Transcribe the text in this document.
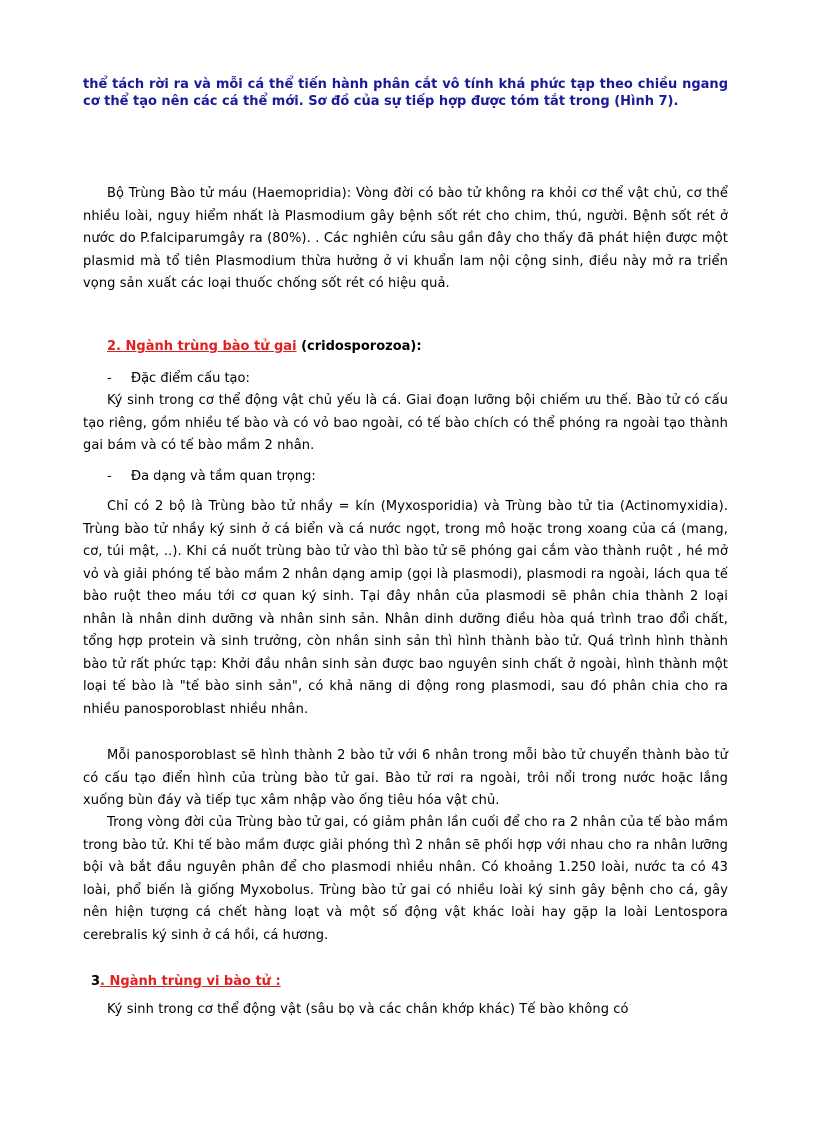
thể tách rời ra và mỗi cá thể tiến hành phân cắt vô tính khá phức tạp theo chiều ngang cơ thể tạo nên các cá thể mới. Sơ đồ của sự tiếp hợp được tóm tắt trong (Hình 7).
Bộ Trùng Bào tử máu (Haemopridia): Vòng đời có bào tử không ra khỏi cơ thể vật chủ, cơ thể nhiều loài, nguy hiểm nhất là Plasmodium gây bệnh sốt rét cho chim, thú, người. Bệnh sốt rét ở nước do P.falciparumgây ra (80%). . Các nghiên cứu sâu gần đây cho thấy đã phát hiện được một plasmid mà tổ tiên Plasmodium thừa hưởng ở vi khuẩn lam nội cộng sinh, điều này mở ra triển vọng sản xuất các loại thuốc chống sốt rét có hiệu quả.
2. Ngành trùng bào tử gai (cridosporozoa):
- Đặc điểm cấu tạo:
Ký sinh trong cơ thể động vật chủ yếu là cá. Giai đoạn lưỡng bội chiếm ưu thế. Bào tử có cấu tạo riêng, gồm nhiều tế bào và có vỏ bao ngoài, có tế bào chích có thể phóng ra ngoài tạo thành gai bám và có tế bào mầm 2 nhân.
- Đa dạng và tầm quan trọng:
Chỉ có 2 bộ là Trùng bào tử nhầy = kín (Myxosporidia) và Trùng bào tử tia (Actinomyxidia). Trùng bào tử nhầy ký sinh ở cá biển và cá nước ngọt, trong mô hoặc trong xoang của cá (mang, cơ, túi mật, ..). Khi cá nuốt trùng bào tử vào thì bào tử sẽ phóng gai cắm vào thành ruột , hé mở vỏ và giải phóng tế bào mầm 2 nhân dạng amip (gọi là plasmodi), plasmodi ra ngoài, lách qua tế bào ruột theo máu tới cơ quan ký sinh. Tại đây nhân của plasmodi sẽ phân chia thành 2 loại nhân là nhân dinh dưỡng và nhân sinh sản. Nhân dinh dưỡng điều hòa quá trình trao đổi chất, tổng hợp protein và sinh trưởng, còn nhân sinh sản thì hình thành bào tử. Quá trình hình thành bào tử rất phức tạp: Khởi đầu nhân sinh sản được bao nguyên sinh chất ở ngoài, hình thành một loại tế bào là "tế bào sinh sản", có khả năng di động rong plasmodi, sau đó phân chia cho ra nhiều panosporoblast nhiều nhân.
Mỗi panosporoblast sẽ hình thành 2 bào tử với 6 nhân trong mỗi bào tử chuyển thành bào tử có cấu tạo điển hình của trùng bào tử gai. Bào tử rơi ra ngoài, trôi nổi trong nước hoặc lắng xuống bùn đáy và tiếp tục xâm nhập vào ống tiêu hóa vật chủ.
Trong vòng đời của Trùng bào tử gai, có giảm phân lần cuối để cho ra 2 nhân của tế bào mầm trong bào tử. Khi tế bào mầm được giải phóng thì 2 nhân sẽ phối hợp với nhau cho ra nhân lưỡng bội và bắt đầu nguyên phân để cho plasmodi nhiều nhân. Có khoảng 1.250 loài, nước ta có 43 loài, phổ biến là giống Myxobolus. Trùng bào tử gai có nhiều loài ký sinh gây bệnh cho cá, gây nên hiện tượng cá chết hàng loạt và một số động vật khác loài hay gặp la loài Lentospora cerebralis ký sinh ở cá hồi, cá hương.
3. Ngành trùng vi bào tử :
Ký sinh trong cơ thể động vật (sâu bọ và các chân khớp khác) Tế bào không có
